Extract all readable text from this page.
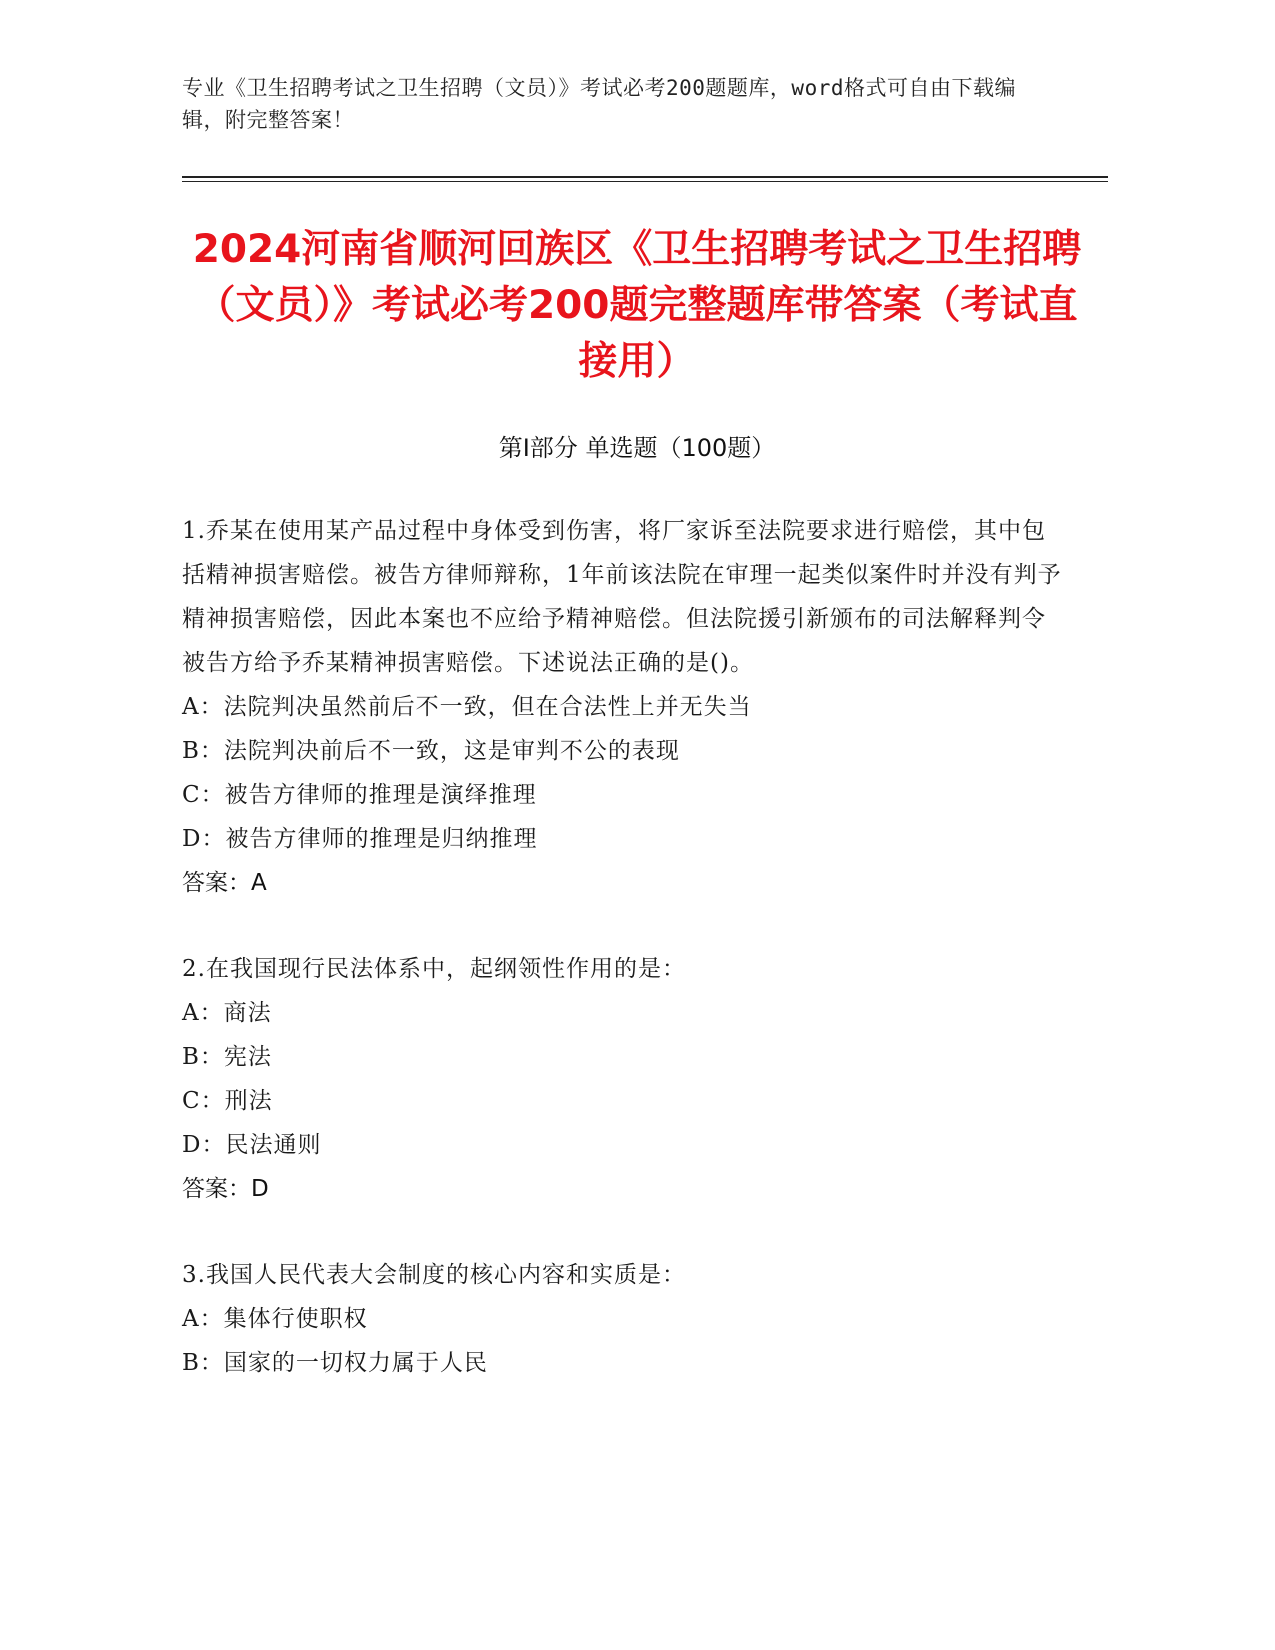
专业《卫生招聘考试之卫生招聘（文员）》考试必考200题题库，word格式可自由下载编辑，附完整答案！
2024河南省顺河回族区《卫生招聘考试之卫生招聘（文员）》考试必考200题完整题库带答案（考试直接用）
第Ⅰ部分 单选题（100题）
1.乔某在使用某产品过程中身体受到伤害，将厂家诉至法院要求进行赔偿，其中包括精神损害赔偿。被告方律师辩称，1年前该法院在审理一起类似案件时并没有判予精神损害赔偿，因此本案也不应给予精神赔偿。但法院援引新颁布的司法解释判令被告方给予乔某精神损害赔偿。下述说法正确的是()。
A：法院判决虽然前后不一致，但在合法性上并无失当
B：法院判决前后不一致，这是审判不公的表现
C：被告方律师的推理是演绎推理
D：被告方律师的推理是归纳推理
答案：A
2.在我国现行民法体系中，起纲领性作用的是：
A：商法
B：宪法
C：刑法
D：民法通则
答案：D
3.我国人民代表大会制度的核心内容和实质是：
A：集体行使职权
B：国家的一切权力属于人民
